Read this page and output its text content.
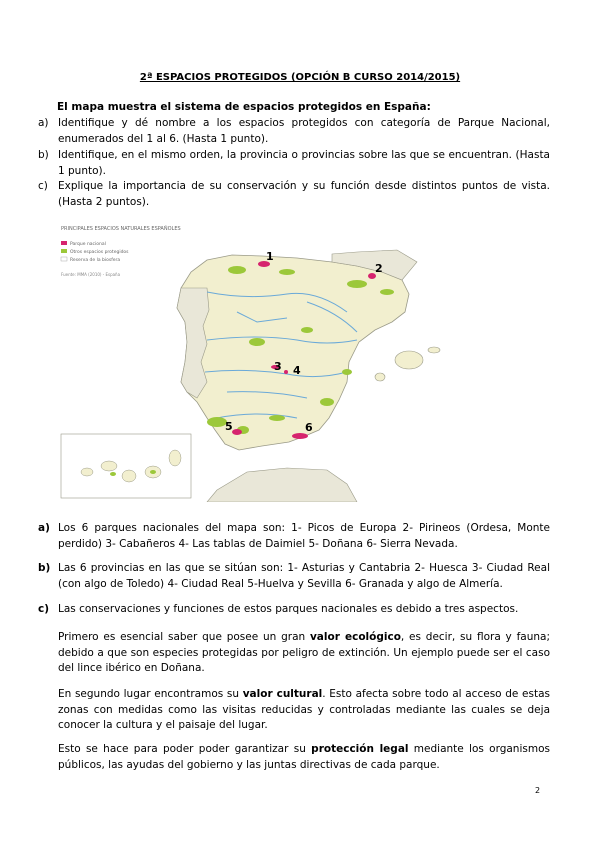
2ª ESPACIOS PROTEGIDOS (OPCIÓN B CURSO 2014/2015)
El mapa muestra el sistema de espacios protegidos en España:
a) Identifique y dé nombre a los espacios protegidos con categoría de Parque Nacional, enumerados del 1 al 6. (Hasta 1 punto).
b) Identifique, en el mismo orden, la provincia o provincias sobre las que se encuentran. (Hasta 1 punto).
c) Explique la importancia de su conservación y su función desde distintos puntos de vista. (Hasta 2 puntos).
PRINCIPALES ESPACIOS NATURALES ESPAÑOLES
Parque nacional
Otros espacios protegidos
Reserva de la biosfera
Fuente: MMA (2010) - España
1
2
3 4
5	6
a) Los 6 parques nacionales del mapa son: 1- Picos de Europa 2- Pirineos (Ordesa, Monte perdido) 3- Cabañeros 4- Las tablas de Daimiel 5- Doñana 6- Sierra Nevada.
b) Las 6 provincias en las que se sitúan son: 1- Asturias y Cantabria 2- Huesca 3- Ciudad Real (con algo de Toledo) 4- Ciudad Real 5-Huelva y Sevilla 6- Granada y algo de Almería.
c) Las conservaciones y funciones de estos parques nacionales es debido a tres aspectos.
Primero es esencial saber que posee un gran valor ecológico, es decir, su flora y fauna; debido a que son especies protegidas por peligro de extinción. Un ejemplo puede ser el caso del lince ibérico en Doñana.
En segundo lugar encontramos su valor cultural. Esto afecta sobre todo al acceso de estas zonas con medidas como las visitas reducidas y controladas mediante las cuales se deja conocer la cultura y el paisaje del lugar.
Esto se hace para poder poder garantizar su protección legal mediante los organismos públicos, las ayudas del gobierno y las juntas directivas de cada parque.
2
